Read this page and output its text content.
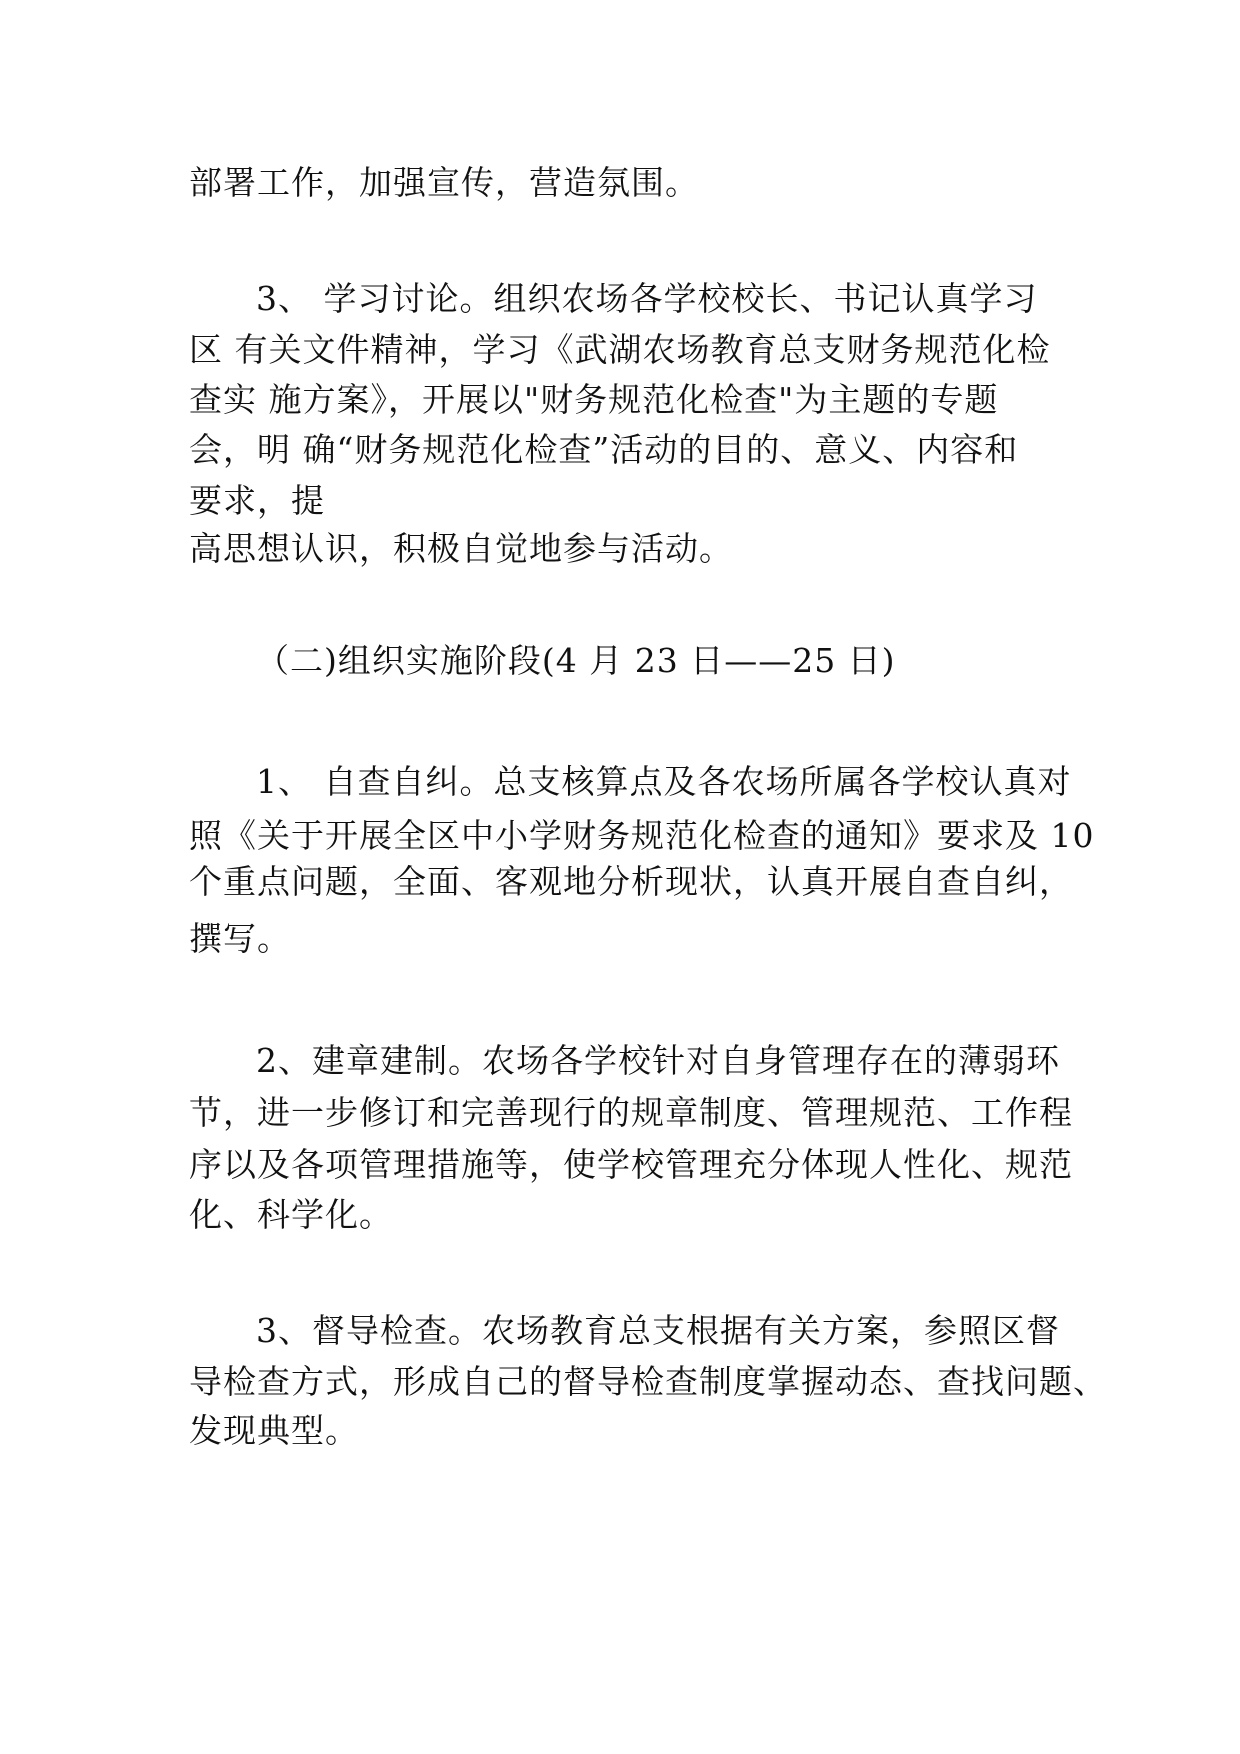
部署工作，加强宣传，营造氛围。
3、 学习讨论。组织农场各学校校长、书记认真学习
区 有关文件精神，学习《武湖农场教育总支财务规范化检
查实 施方案》，开展以"财务规范化检查"为主题的专题
会，明 确“财务规范化检查”活动的目的、意义、内容和
要求，提
高思想认识，积极自觉地参与活动。
（二)组织实施阶段(4 月 23 日——25 日)
1、 自查自纠。总支核算点及各农场所属各学校认真对
照《关于开展全区中小学财务规范化检查的通知》要求及 10
个重点问题，全面、客观地分析现状，认真开展自查自纠，
撰写。
2、建章建制。农场各学校针对自身管理存在的薄弱环
节，进一步修订和完善现行的规章制度、管理规范、工作程
序以及各项管理措施等，使学校管理充分体现人性化、规范
化、科学化。
3、督导检查。农场教育总支根据有关方案，参照区督
导检查方式，形成自己的督导检查制度掌握动态、查找问题、
发现典型。
